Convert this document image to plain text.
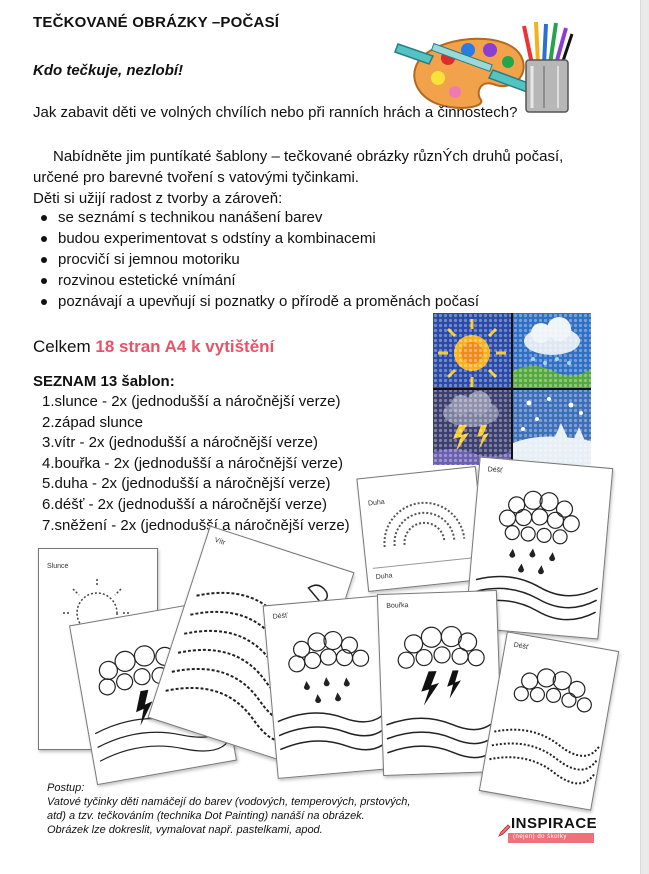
TEČKOVANÉ OBRÁZKY –POČASÍ
Kdo tečkuje, nezlobí!
Jak zabavit děti ve volných chvílích nebo při ranních hrách a činnostech?
Nabídněte jim puntíkaté šablony – tečkované obrázky různÝch druhů počasí,
určené pro barevné tvoření s vatovými tyčinkami.
Děti si užijí radost z tvorby a zároveň:
se seznámí s technikou nanášení barev
budou experimentovat s odstíny a kombinacemi
procvičí si jemnou motoriku
rozvinou estetické vnímání
poznávají a upevňují si poznatky o přírodě a proměnách počasí
Celkem 18 stran A4 k vytištění
SEZNAM 13 šablon:
1.slunce - 2x (jednodušší a náročnější verze)
2.západ slunce
3.vítr - 2x (jednodušší a náročnější verze)
4.bouřka - 2x (jednodušší a náročnější verze)
5.duha - 2x (jednodušší a náročnější verze)
6.déšť - 2x (jednodušší a náročnější verze)
7.sněžení - 2x (jednodušší a náročnější verze)
Duha
Duha
Déšť
Slunce
Vítr
Déšť
Bouřka
Déšť
Postup:
Vatové tyčinky děti namáčejí do barev (vodových, temperových, prstových,
atd) a tzv. tečkováním (technika Dot Painting) nanáší na obrázek.
Obrázek lze dokreslit, vymalovat např. pastelkami, apod.	INSPIRACE
(nejen) do školky
